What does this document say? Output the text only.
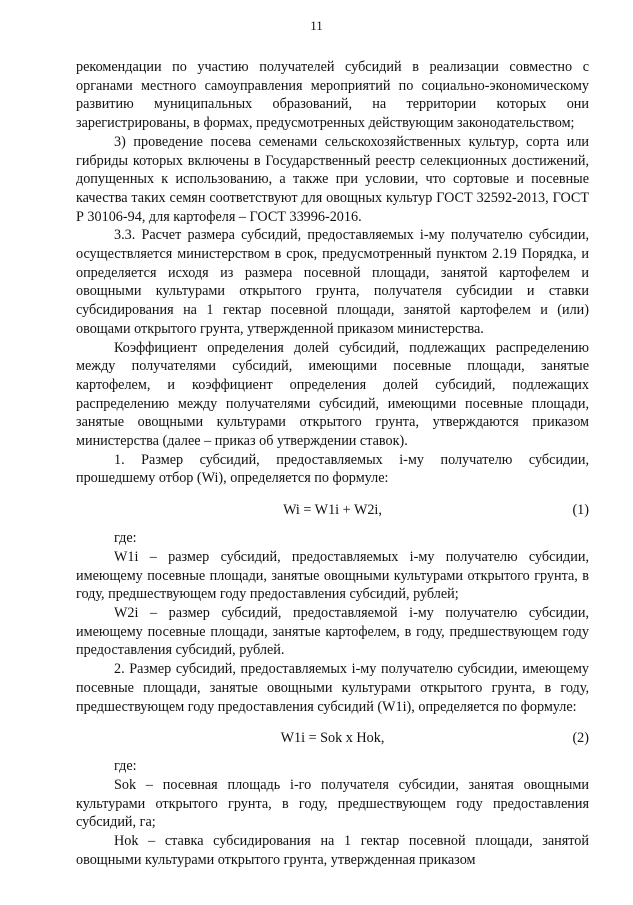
11

рекомендации по участию получателей субсидий в реализации совместно с органами местного самоуправления мероприятий по социально-экономическому развитию муниципальных образований, на территории которых они зарегистрированы, в формах, предусмотренных действующим законодательством;

3) проведение посева семенами сельскохозяйственных культур, сорта или гибриды которых включены в Государственный реестр селекционных достижений, допущенных к использованию, а также при условии, что сортовые и посевные качества таких семян соответствуют для овощных культур ГОСТ 32592-2013, ГОСТ Р 30106-94, для картофеля – ГОСТ 33996-2016.

3.3. Расчет размера субсидий, предоставляемых i-му получателю субсидии, осуществляется министерством в срок, предусмотренный пунктом 2.19 Порядка, и определяется исходя из размера посевной площади, занятой картофелем и овощными культурами открытого грунта, получателя субсидии и ставки субсидирования на 1 гектар посевной площади, занятой картофелем и (или) овощами открытого грунта, утвержденной приказом министерства.

Коэффициент определения долей субсидий, подлежащих распределению между получателями субсидий, имеющими посевные площади, занятые картофелем, и коэффициент определения долей субсидий, подлежащих распределению между получателями субсидий, имеющими посевные площади, занятые овощными культурами открытого грунта, утверждаются приказом министерства (далее – приказ об утверждении ставок).

1. Размер субсидий, предоставляемых i-му получателю субсидии, прошедшему отбор (Wi), определяется по формуле:

Wi = W1i + W2i,	(1)

где:

W1i – размер субсидий, предоставляемых i-му получателю субсидии, имеющему посевные площади, занятые овощными культурами открытого грунта, в году, предшествующем году предоставления субсидий, рублей;

W2i – размер субсидий, предоставляемой i-му получателю субсидии, имеющему посевные площади, занятые картофелем, в году, предшествующем году предоставления субсидий, рублей.

2. Размер субсидий, предоставляемых i-му получателю субсидии, имеющему посевные площади, занятые овощными культурами открытого грунта, в году, предшествующем году предоставления субсидий (W1i), определяется по формуле:

W1i = Sok x Hok,	(2)

где:

Sok – посевная площадь i-го получателя субсидии, занятая овощными культурами открытого грунта, в году, предшествующем году предоставления субсидий, га;

Hok – ставка субсидирования на 1 гектар посевной площади, занятой овощными культурами открытого грунта, утвержденная приказом
